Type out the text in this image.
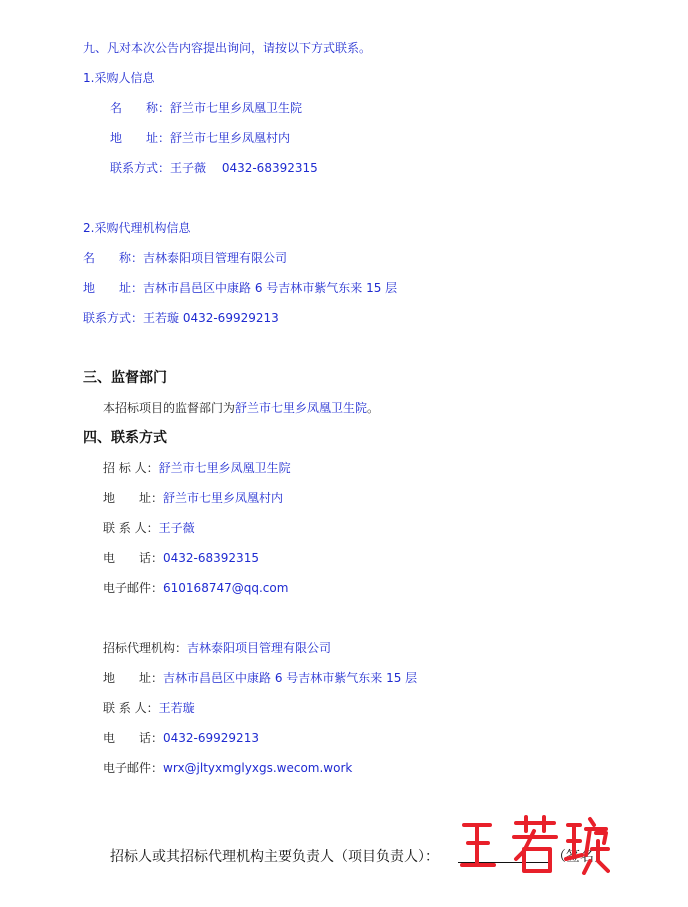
九、凡对本次公告内容提出询问，请按以下方式联系。
1.采购人信息
名　　称：舒兰市七里乡凤凰卫生院
地　　址：舒兰市七里乡凤凰村内
联系方式：王子薇　 0432-68392315
2.采购代理机构信息
名　　称：吉林泰阳项目管理有限公司
地　　址：吉林市昌邑区中康路 6 号吉林市紫气东来 15 层
联系方式：王若璇 0432-69929213
三、监督部门
本招标项目的监督部门为舒兰市七里乡凤凰卫生院。
四、联系方式
招 标 人：舒兰市七里乡凤凰卫生院
地　　址：舒兰市七里乡凤凰村内
联 系 人：王子薇
电　　话：0432-68392315
电子邮件：610168747@qq.com
招标代理机构：吉林泰阳项目管理有限公司
地　　址：吉林市昌邑区中康路 6 号吉林市紫气东来 15 层
联 系 人：王若璇
电　　话：0432-69929213
电子邮件：wrx@jltyxmglyxgs.wecom.work
招标人或其招标代理机构主要负责人（项目负责人）：	（签名）
